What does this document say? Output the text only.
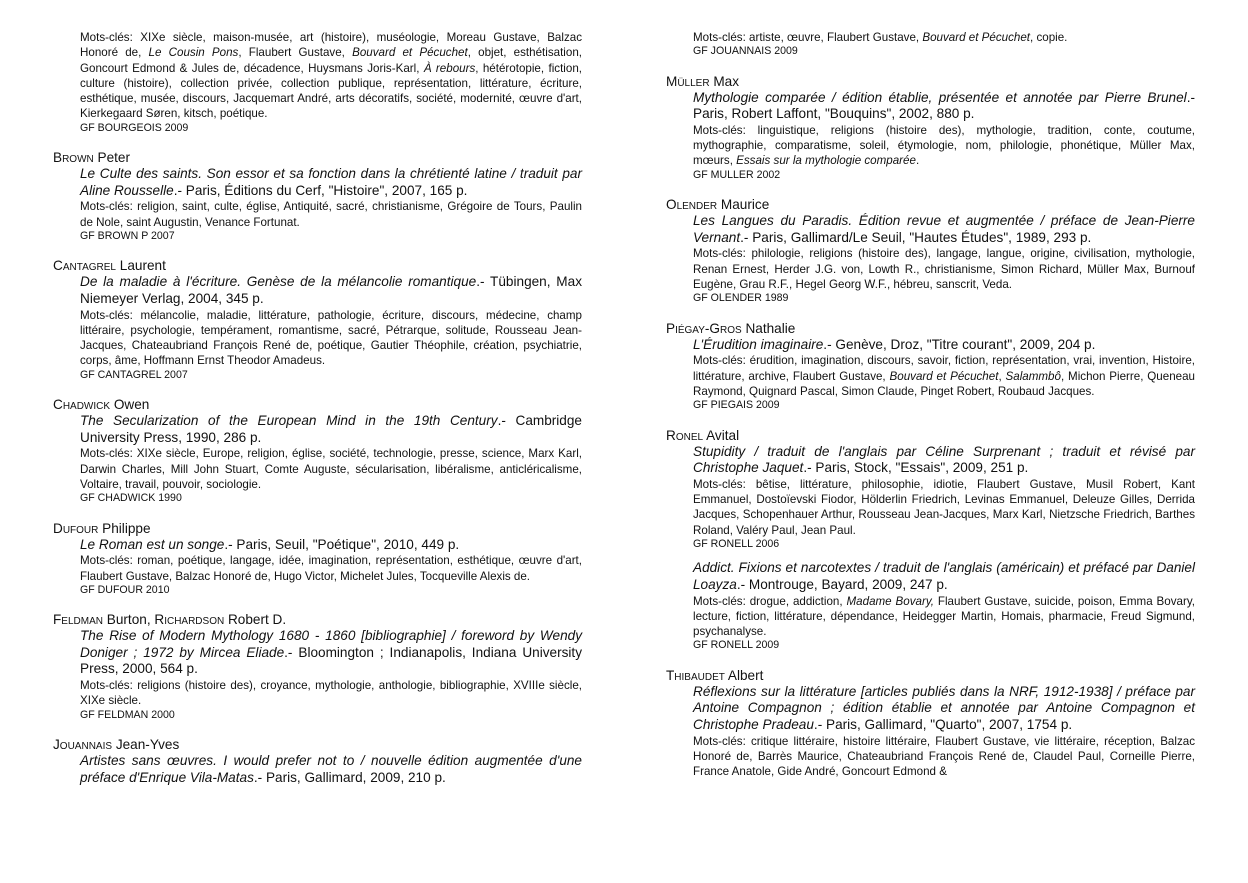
Mots-clés: XIXe siècle, maison-musée, art (histoire), muséologie, Moreau Gustave, Balzac Honoré de, Le Cousin Pons, Flaubert Gustave, Bouvard et Pécuchet, objet, esthétisation, Goncourt Edmond & Jules de, décadence, Huysmans Joris-Karl, À rebours, hétérotopie, fiction, culture (histoire), collection privée, collection publique, représentation, littérature, écriture, esthétique, musée, discours, Jacquemart André, arts décoratifs, société, modernité, œuvre d'art, Kierkegaard Søren, kitsch, poétique.

GF BOURGEOIS 2009

Brown Peter

Le Culte des saints. Son essor et sa fonction dans la chrétienté latine / traduit par Aline Rousselle.- Paris, Éditions du Cerf, "Histoire", 2007, 165 p.

Mots-clés: religion, saint, culte, église, Antiquité, sacré, christianisme, Grégoire de Tours, Paulin de Nole, saint Augustin, Venance Fortunat.

GF BROWN P 2007

Cantagrel Laurent

De la maladie à l'écriture. Genèse de la mélancolie romantique.- Tübingen, Max Niemeyer Verlag, 2004, 345 p.

Mots-clés: mélancolie, maladie, littérature, pathologie, écriture, discours, médecine, champ littéraire, psychologie, tempérament, romantisme, sacré, Pétrarque, solitude, Rousseau Jean-Jacques, Chateaubriand François René de, poétique, Gautier Théophile, création, psychiatrie, corps, âme, Hoffmann Ernst Theodor Amadeus.

GF CANTAGREL 2007

Chadwick Owen

The Secularization of the European Mind in the 19th Century.- Cambridge University Press, 1990, 286 p.

Mots-clés: XIXe siècle, Europe, religion, église, société, technologie, presse, science, Marx Karl, Darwin Charles, Mill John Stuart, Comte Auguste, sécularisation, libéralisme, anticléricalisme, Voltaire, travail, pouvoir, sociologie.

GF CHADWICK 1990

Dufour Philippe

Le Roman est un songe.- Paris, Seuil, "Poétique", 2010, 449 p.

Mots-clés: roman, poétique, langage, idée, imagination, représentation, esthétique, œuvre d'art, Flaubert Gustave, Balzac Honoré de, Hugo Victor, Michelet Jules, Tocqueville Alexis de.

GF DUFOUR 2010

Feldman Burton, Richardson Robert D.

The Rise of Modern Mythology 1680 - 1860 [bibliographie] / foreword by Wendy Doniger ; 1972 by Mircea Eliade.- Bloomington ; Indianapolis, Indiana University Press, 2000, 564 p.

Mots-clés: religions (histoire des), croyance, mythologie, anthologie, bibliographie, XVIIIe siècle, XIXe siècle.

GF FELDMAN 2000

Jouannais Jean-Yves

Artistes sans œuvres. I would prefer not to / nouvelle édition augmentée d'une préface d'Enrique Vila-Matas.- Paris, Gallimard, 2009, 210 p.

Mots-clés: artiste, œuvre, Flaubert Gustave, Bouvard et Pécuchet, copie.

GF JOUANNAIS 2009

Müller Max

Mythologie comparée / édition établie, présentée et annotée par Pierre Brunel.- Paris, Robert Laffont, "Bouquins", 2002, 880 p.

Mots-clés: linguistique, religions (histoire des), mythologie, tradition, conte, coutume, mythographie, comparatisme, soleil, étymologie, nom, philologie, phonétique, Müller Max, mœurs, Essais sur la mythologie comparée.

GF MULLER 2002

Olender Maurice

Les Langues du Paradis. Édition revue et augmentée / préface de Jean-Pierre Vernant.- Paris, Gallimard/Le Seuil, "Hautes Études", 1989, 293 p.

Mots-clés: philologie, religions (histoire des), langage, langue, origine, civilisation, mythologie, Renan Ernest, Herder J.G. von, Lowth R., christianisme, Simon Richard, Müller Max, Burnouf Eugène, Grau R.F., Hegel Georg W.F., hébreu, sanscrit, Veda.

GF OLENDER 1989

Piégay-Gros Nathalie

L'Érudition imaginaire.- Genève, Droz, "Titre courant", 2009, 204 p.

Mots-clés: érudition, imagination, discours, savoir, fiction, représentation, vrai, invention, Histoire, littérature, archive, Flaubert Gustave, Bouvard et Pécuchet, Salammbô, Michon Pierre, Queneau Raymond, Quignard Pascal, Simon Claude, Pinget Robert, Roubaud Jacques.

GF PIEGAIS 2009

Ronel Avital

Stupidity / traduit de l'anglais par Céline Surprenant ; traduit et révisé par Christophe Jaquet.- Paris, Stock, "Essais", 2009, 251 p.

Mots-clés: bêtise, littérature, philosophie, idiotie, Flaubert Gustave, Musil Robert, Kant Emmanuel, Dostoïevski Fiodor, Hölderlin Friedrich, Levinas Emmanuel, Deleuze Gilles, Derrida Jacques, Schopenhauer Arthur, Rousseau Jean-Jacques, Marx Karl, Nietzsche Friedrich, Barthes Roland, Valéry Paul, Jean Paul.

GF RONELL 2006

Addict. Fixions et narcotextes / traduit de l'anglais (américain) et préfacé par Daniel Loayza.- Montrouge, Bayard, 2009, 247 p.

Mots-clés: drogue, addiction, Madame Bovary, Flaubert Gustave, suicide, poison, Emma Bovary, lecture, fiction, littérature, dépendance, Heidegger Martin, Homais, pharmacie, Freud Sigmund, psychanalyse.

GF RONELL 2009

Thibaudet Albert

Réflexions sur la littérature [articles publiés dans la NRF, 1912-1938] / préface par Antoine Compagnon ; édition établie et annotée par Antoine Compagnon et Christophe Pradeau.- Paris, Gallimard, "Quarto", 2007, 1754 p.

Mots-clés: critique littéraire, histoire littéraire, Flaubert Gustave, vie littéraire, réception, Balzac Honoré de, Barrès Maurice, Chateaubriand François René de, Claudel Paul, Corneille Pierre, France Anatole, Gide André, Goncourt Edmond &
